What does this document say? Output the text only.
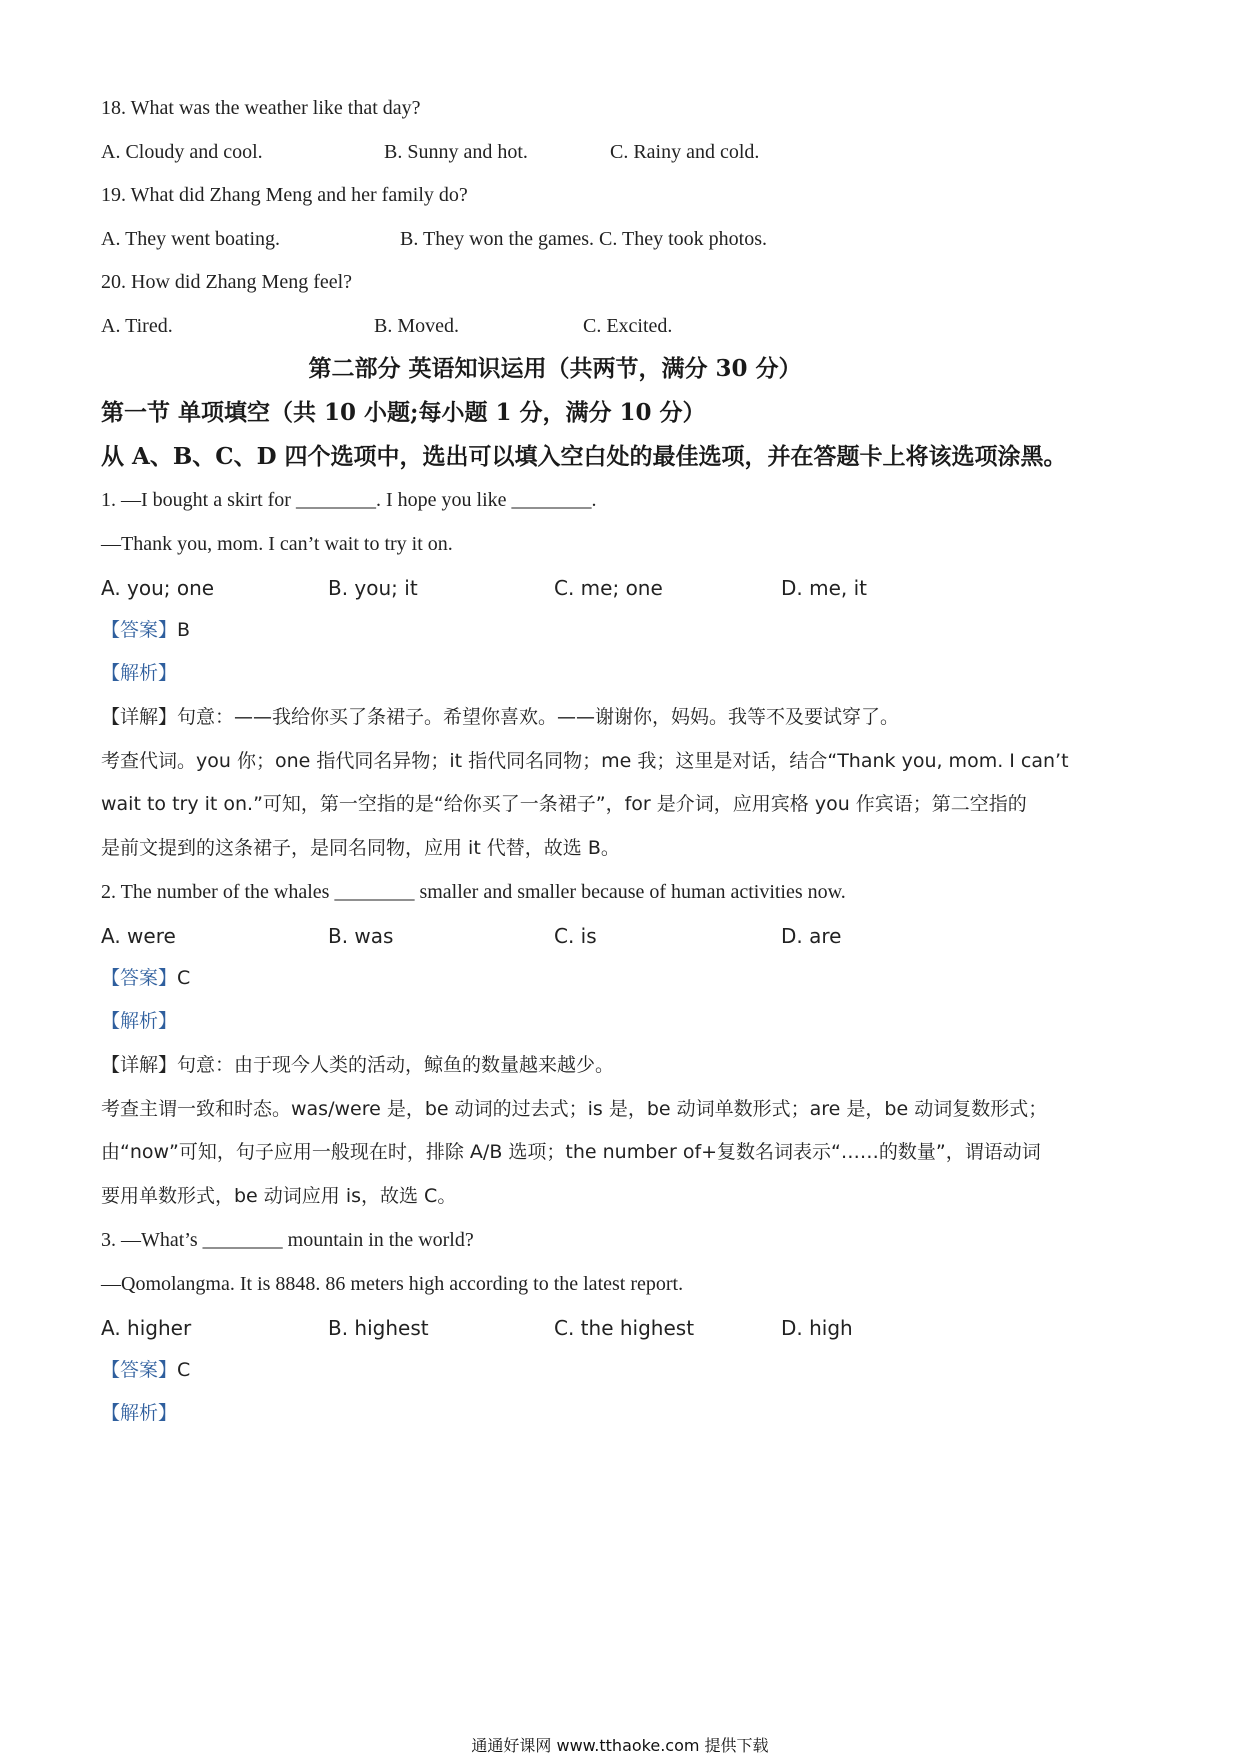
18. What was the weather like that day?
A. Cloudy and cool.	B. Sunny and hot.	C. Rainy and cold.
19. What did Zhang Meng and her family do?
A. They went boating.	B. They won the games. C. They took photos.
20. How did Zhang Meng feel?
A. Tired.	B. Moved.	C. Excited.
第二部分 英语知识运用（共两节，满分 30 分）
第一节 单项填空（共 10 小题;每小题 1 分，满分 10 分）
从 A、B、C、D 四个选项中，选出可以填入空白处的最佳选项，并在答题卡上将该选项涂黑。
1. —I bought a skirt for ________. I hope you like ________.
—Thank you, mom. I can’t wait to try it on.
A. you; one	B. you; it	C. me; one	D. me, it
【答案】B
【解析】
【详解】句意：——我给你买了条裙子。希望你喜欢。——谢谢你，妈妈。我等不及要试穿了。
考查代词。you 你；one 指代同名异物；it 指代同名同物；me 我；这里是对话，结合“Thank you, mom. I can’t
wait to try it on.”可知，第一空指的是“给你买了一条裙子”，for 是介词，应用宾格 you 作宾语；第二空指的
是前文提到的这条裙子，是同名同物，应用 it 代替，故选 B。
2. The number of the whales ________ smaller and smaller because of human activities now.
A. were	B. was	C. is	D. are
【答案】C
【解析】
【详解】句意：由于现今人类的活动，鲸鱼的数量越来越少。
考查主谓一致和时态。was/were 是，be 动词的过去式；is 是，be 动词单数形式；are 是，be 动词复数形式；
由“now”可知，句子应用一般现在时，排除 A/B 选项；the number of+复数名词表示“……的数量”，谓语动词
要用单数形式，be 动词应用 is，故选 C。
3. —What’s ________ mountain in the world?
—Qomolangma. It is 8848. 86 meters high according to the latest report.
A. higher	B. highest	C. the highest	D. high
【答案】C
【解析】
通通好课网 www.tthaoke.com 提供下载
